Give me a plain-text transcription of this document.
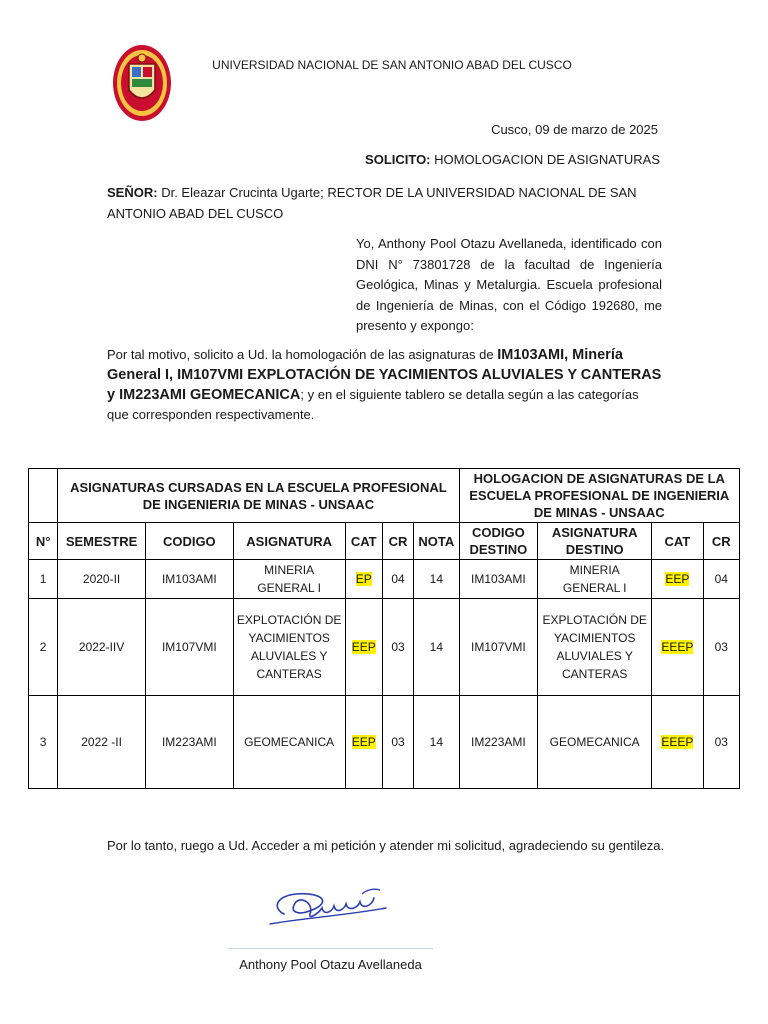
UNIVERSIDAD NACIONAL DE SAN ANTONIO ABAD DEL CUSCO
Cusco, 09 de marzo de 2025
SOLICITO: HOMOLOGACION DE ASIGNATURAS
SEÑOR: Dr. Eleazar Crucinta Ugarte; RECTOR DE LA UNIVERSIDAD NACIONAL DE SAN ANTONIO ABAD DEL CUSCO
Yo, Anthony Pool Otazu Avellaneda, identificado con DNI N° 73801728 de la facultad de Ingeniería Geológica, Minas y Metalurgia. Escuela profesional de Ingeniería de Minas, con el Código 192680, me presento y expongo:
Por tal motivo, solicito a Ud. la homologación de las asignaturas de IM103AMI, Minería General I, IM107VMI EXPLOTACIÓN DE YACIMIENTOS ALUVIALES Y CANTERAS y IM223AMI GEOMECANICA; y en el siguiente tablero se detalla según a las categorías que corresponden respectivamente.
	ASIGNATURAS CURSADAS EN LA ESCUELA PROFESIONAL DE INGENIERIA DE MINAS - UNSAAC						HOLOGACION DE ASIGNATURAS DE LA ESCUELA PROFESIONAL DE INGENIERIA DE MINAS - UNSAAC			
N°	SEMESTRE	CODIGO	ASIGNATURA	CAT	CR	NOTA	CODIGO DESTINO	ASIGNATURA DESTINO	CAT	CR
1	2020-II	IM103AMI	MINERIA GENERAL I	EP	04	14	IM103AMI	MINERIA GENERAL I	EEP	04
2	2022-IIV	IM107VMI	EXPLOTACIÓN DE YACIMIENTOS ALUVIALES Y CANTERAS	EEP	03	14	IM107VMI	EXPLOTACIÓN DE YACIMIENTOS ALUVIALES Y CANTERAS	EEEP	03
3	2022 -II	IM223AMI	GEOMECANICA	EEP	03	14	IM223AMI	GEOMECANICA	EEEP	03
Por lo tanto, ruego a Ud. Acceder a mi petición y atender mi solicitud, agradeciendo su gentileza.
Anthony Pool Otazu Avellaneda
